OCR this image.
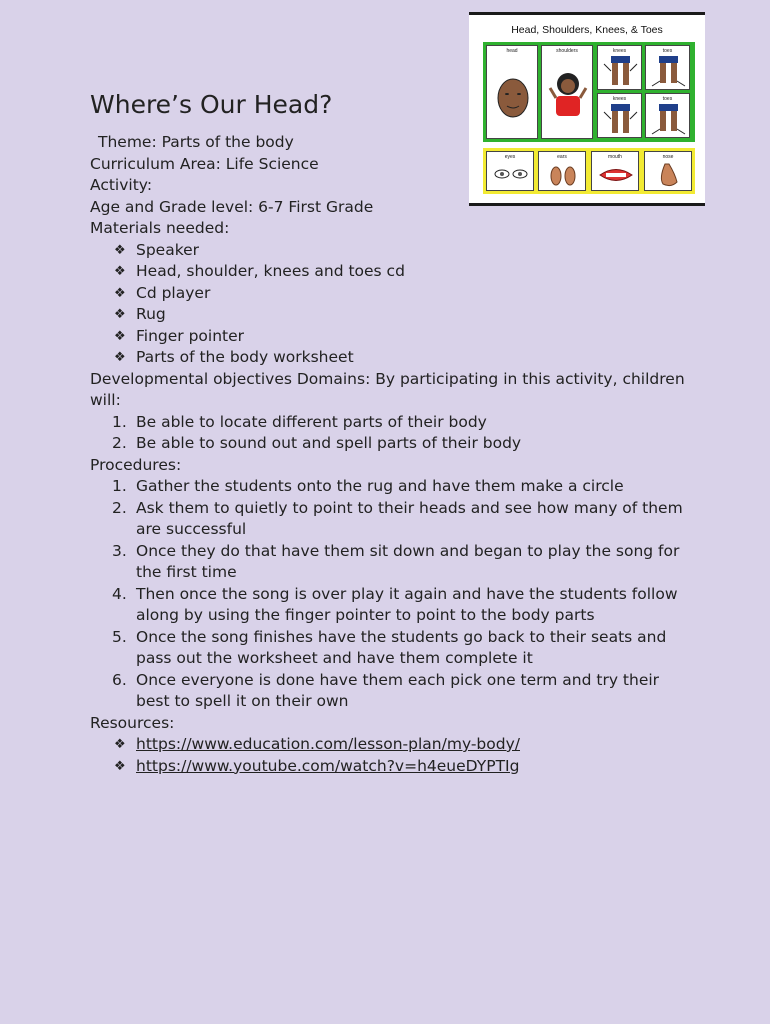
Where’s Our Head?
Theme: Parts of the body
Curriculum Area: Life Science
Activity:
Age and Grade level: 6-7 First Grade
Materials needed:
❖ Speaker
❖ Head, shoulder, knees and toes cd
❖ Cd player
❖ Rug
❖ Finger pointer
❖ Parts of the body worksheet
Developmental objectives Domains: By participating in this activity, children will:
1. Be able to locate different parts of their body
2. Be able to sound out and spell parts of their body
Procedures:
1. Gather the students onto the rug and have them make a circle
2. Ask them to quietly to point to their heads and see how many of them are successful
3. Once they do that have them sit down and began to play the song for the first time
4. Then once the song is over play it again and have the students follow along by using the finger pointer to point to the body parts
5. Once the song finishes have the students go back to their seats and pass out the worksheet and have them complete it
6. Once everyone is done have them each pick one term and try their best to spell it on their own
Resources:
❖ https://www.education.com/lesson-plan/my-body/
❖ https://www.youtube.com/watch?v=h4eueDYPTIg
Head, Shoulders, Knees, & Toes
head	shoulders	knees	toes
knees	toes
eyes	ears	mouth	nose
